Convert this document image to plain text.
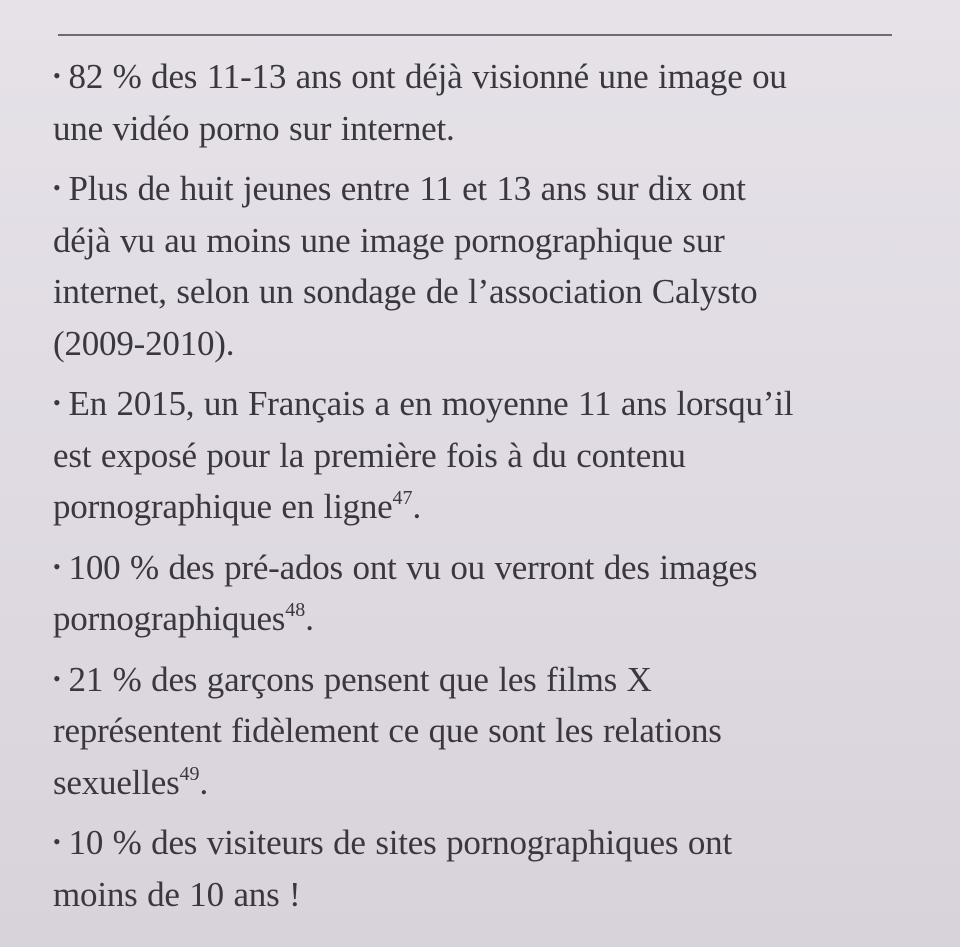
• 82 % des 11-13 ans ont déjà visionné une image ou
une vidéo porno sur internet.
• Plus de huit jeunes entre 11 et 13 ans sur dix ont
déjà vu au moins une image pornographique sur
internet, selon un sondage de l’association Calysto
(2009-2010).
• En 2015, un Français a en moyenne 11 ans lorsqu’il
est exposé pour la première fois à du contenu
pornographique en ligne$^{47}$.
• 100 % des pré-ados ont vu ou verront des images
pornographiques$^{48}$.
• 21 % des garçons pensent que les films X
représentent fidèlement ce que sont les relations
sexuelles$^{49}$.
• 10 % des visiteurs de sites pornographiques ont
moins de 10 ans !
